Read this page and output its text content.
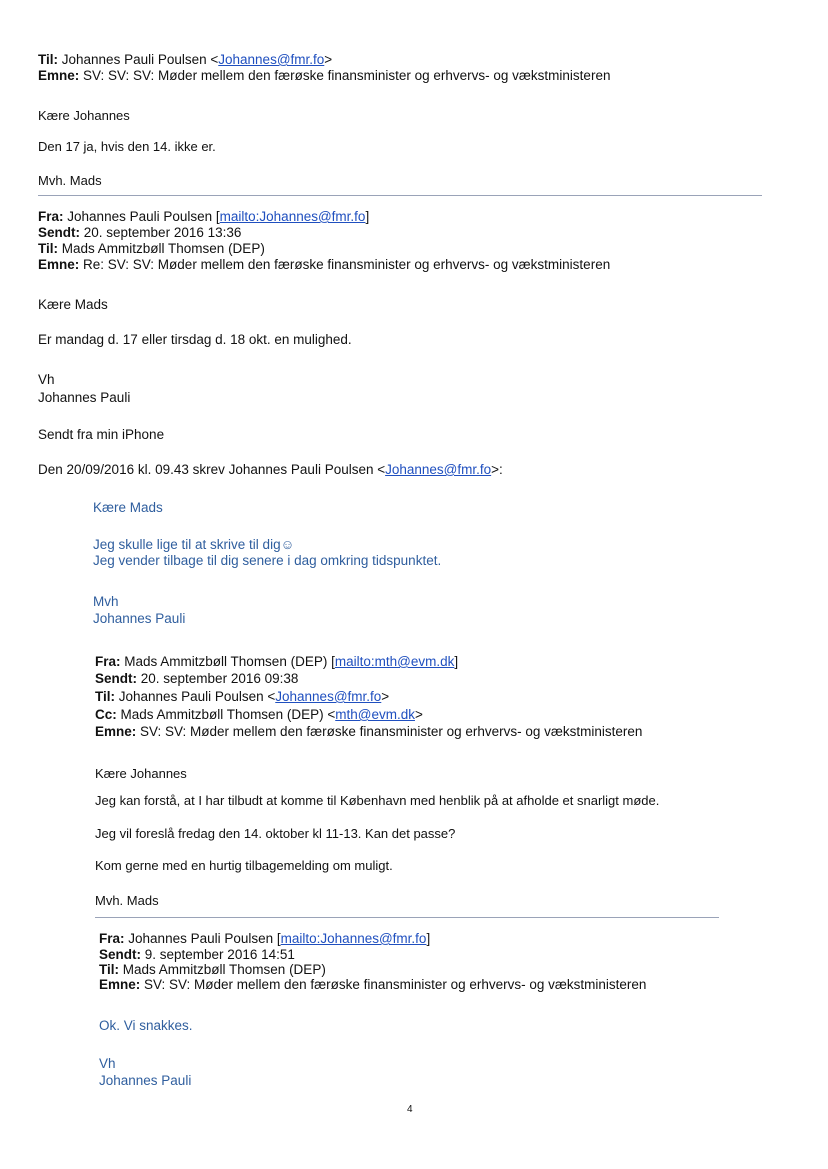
Til: Johannes Pauli Poulsen <Johannes@fmr.fo>
Emne: SV: SV: SV: Møder mellem den færøske finansminister og erhvervs- og vækstministeren
Kære Johannes
Den 17 ja, hvis den 14. ikke er.
Mvh. Mads
Fra: Johannes Pauli Poulsen [mailto:Johannes@fmr.fo]
Sendt: 20. september 2016 13:36
Til: Mads Ammitzbøll Thomsen (DEP)
Emne: Re: SV: SV: Møder mellem den færøske finansminister og erhvervs- og vækstministeren
Kære Mads
Er mandag d. 17 eller tirsdag d. 18 okt. en mulighed.
Vh
Johannes Pauli
Sendt fra min iPhone
Den 20/09/2016 kl. 09.43 skrev Johannes Pauli Poulsen <Johannes@fmr.fo>:
Kære Mads
Jeg skulle lige til at skrive til dig☺
Jeg vender tilbage til dig senere i dag omkring tidspunktet.
Mvh
Johannes Pauli
Fra: Mads Ammitzbøll Thomsen (DEP) [mailto:mth@evm.dk]
Sendt: 20. september 2016 09:38
Til: Johannes Pauli Poulsen <Johannes@fmr.fo>
Cc: Mads Ammitzbøll Thomsen (DEP) <mth@evm.dk>
Emne: SV: SV: Møder mellem den færøske finansminister og erhvervs- og vækstministeren
Kære Johannes
Jeg kan forstå, at I har tilbudt at komme til København med henblik på at afholde et snarligt møde.
Jeg vil foreslå fredag den 14. oktober kl 11-13. Kan det passe?
Kom gerne med en hurtig tilbagemelding om muligt.
Mvh. Mads
Fra: Johannes Pauli Poulsen [mailto:Johannes@fmr.fo]
Sendt: 9. september 2016 14:51
Til: Mads Ammitzbøll Thomsen (DEP)
Emne: SV: SV: Møder mellem den færøske finansminister og erhvervs- og vækstministeren
Ok. Vi snakkes.
Vh
Johannes Pauli
4
